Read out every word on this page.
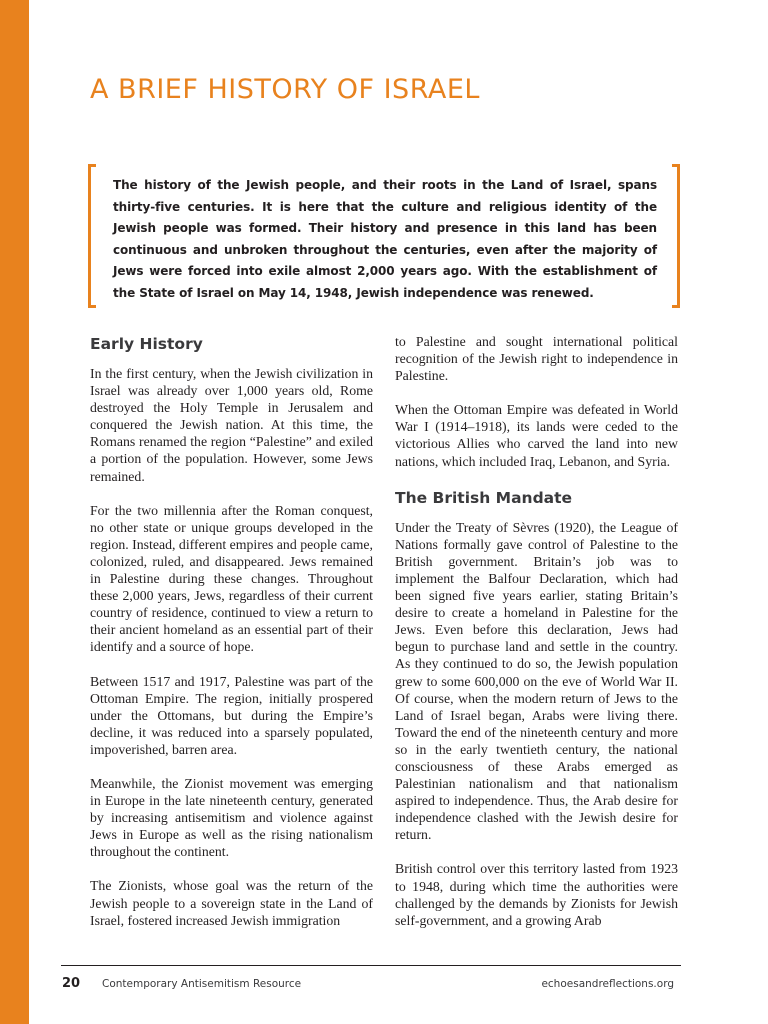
A BRIEF HISTORY OF ISRAEL

The history of the Jewish people, and their roots in the Land of Israel, spans thirty-five centuries. It is here that the culture and religious identity of the Jewish people was formed. Their history and presence in this land has been continuous and unbroken throughout the centuries, even after the majority of Jews were forced into exile almost 2,000 years ago. With the establishment of the State of Israel on May 14, 1948, Jewish independence was renewed.

Early History

In the first century, when the Jewish civilization in Israel was already over 1,000 years old, Rome destroyed the Holy Temple in Jerusalem and conquered the Jewish nation. At this time, the Romans renamed the region “Palestine” and exiled a portion of the population. However, some Jews remained.

For the two millennia after the Roman conquest, no other state or unique groups developed in the region. Instead, different empires and people came, colonized, ruled, and disappeared. Jews remained in Palestine during these changes. Throughout these 2,000 years, Jews, regardless of their current country of residence, continued to view a return to their ancient homeland as an essential part of their identify and a source of hope.

Between 1517 and 1917, Palestine was part of the Ottoman Empire. The region, initially prospered under the Ottomans, but during the Empire’s decline, it was reduced into a sparsely populated, impoverished, barren area.

Meanwhile, the Zionist movement was emerging in Europe in the late nineteenth century, generated by increasing antisemitism and violence against Jews in Europe as well as the rising nationalism throughout the continent.

The Zionists, whose goal was the return of the Jewish people to a sovereign state in the Land of Israel, fostered increased Jewish immigration

to Palestine and sought international political recognition of the Jewish right to independence in Palestine.

When the Ottoman Empire was defeated in World War I (1914–1918), its lands were ceded to the victorious Allies who carved the land into new nations, which included Iraq, Lebanon, and Syria.

The British Mandate

Under the Treaty of Sèvres (1920), the League of Nations formally gave control of Palestine to the British government. Britain’s job was to implement the Balfour Declaration, which had been signed five years earlier, stating Britain’s desire to create a homeland in Palestine for the Jews. Even before this declaration, Jews had begun to purchase land and settle in the country. As they continued to do so, the Jewish population grew to some 600,000 on the eve of World War II. Of course, when the modern return of Jews to the Land of Israel began, Arabs were living there. Toward the end of the nineteenth century and more so in the early twentieth century, the national consciousness of these Arabs emerged as Palestinian nationalism and that nationalism aspired to independence. Thus, the Arab desire for independence clashed with the Jewish desire for return.

British control over this territory lasted from 1923 to 1948, during which time the authorities were challenged by the demands by Zionists for Jewish self-government, and a growing Arab

20 Contemporary Antisemitism Resource	echoesandreflections.org
